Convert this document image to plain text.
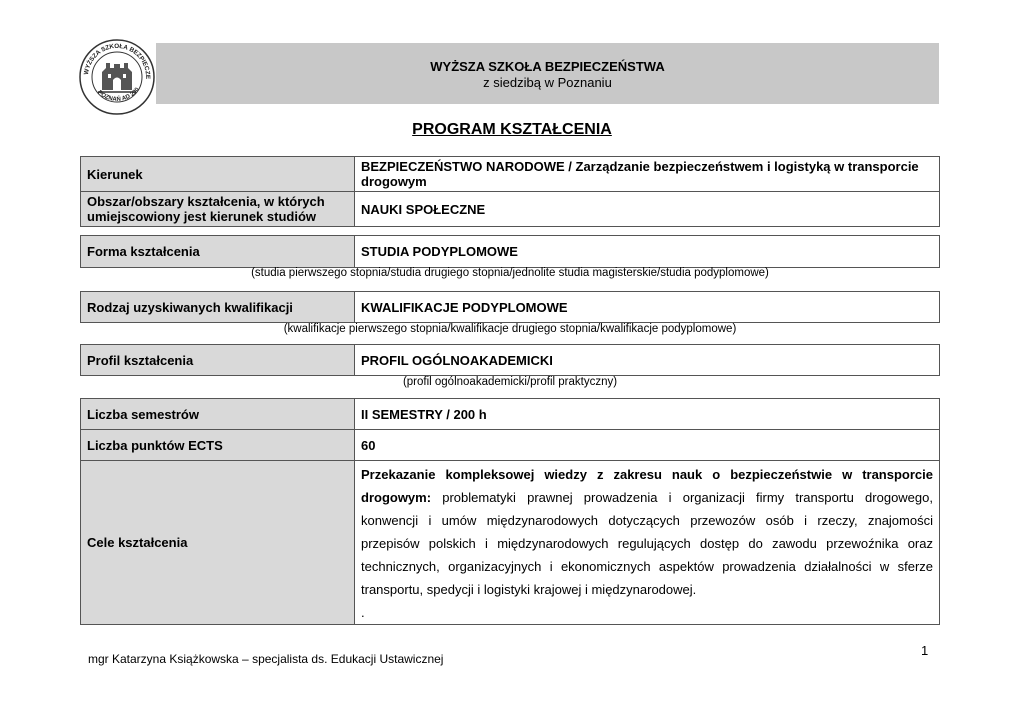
WYŻSZA SZKOŁA BEZPIECZE
POZNAŃ AD 200
WYŻSZA SZKOŁA BEZPIECZEŃSTWA
z siedzibą w Poznaniu
PROGRAM KSZTAŁCENIA
Kierunek	BEZPIECZEŃSTWO NARODOWE / Zarządzanie bezpieczeństwem i logistyką w transporcie drogowym
Obszar/obszary kształcenia, w których umiejscowiony jest kierunek studiów	NAUKI SPOŁECZNE
Forma kształcenia	STUDIA PODYPLOMOWE
(studia pierwszego stopnia/studia drugiego stopnia/jednolite studia magisterskie/studia podyplomowe)
Rodzaj uzyskiwanych kwalifikacji	KWALIFIKACJE PODYPLOMOWE
(kwalifikacje pierwszego stopnia/kwalifikacje drugiego stopnia/kwalifikacje podyplomowe)
Profil kształcenia	PROFIL OGÓLNOAKADEMICKI
(profil ogólnoakademicki/profil praktyczny)
Liczba semestrów	II SEMESTRY / 200 h
Liczba punktów ECTS	60
Cele kształcenia	Przekazanie kompleksowej wiedzy z zakresu nauk o bezpieczeństwie w transporcie drogowym: problematyki prawnej prowadzenia i organizacji firmy transportu drogowego, konwencji i umów międzynarodowych dotyczących przewozów osób i rzeczy, znajomości przepisów polskich i międzynarodowych regulujących dostęp do zawodu przewoźnika oraz technicznych, organizacyjnych i ekonomicznych aspektów prowadzenia działalności w sferze transportu, spedycji i logistyki krajowej i międzynarodowej.
.
mgr Katarzyna Książkowska – specjalista ds. Edukacji Ustawicznej
1
